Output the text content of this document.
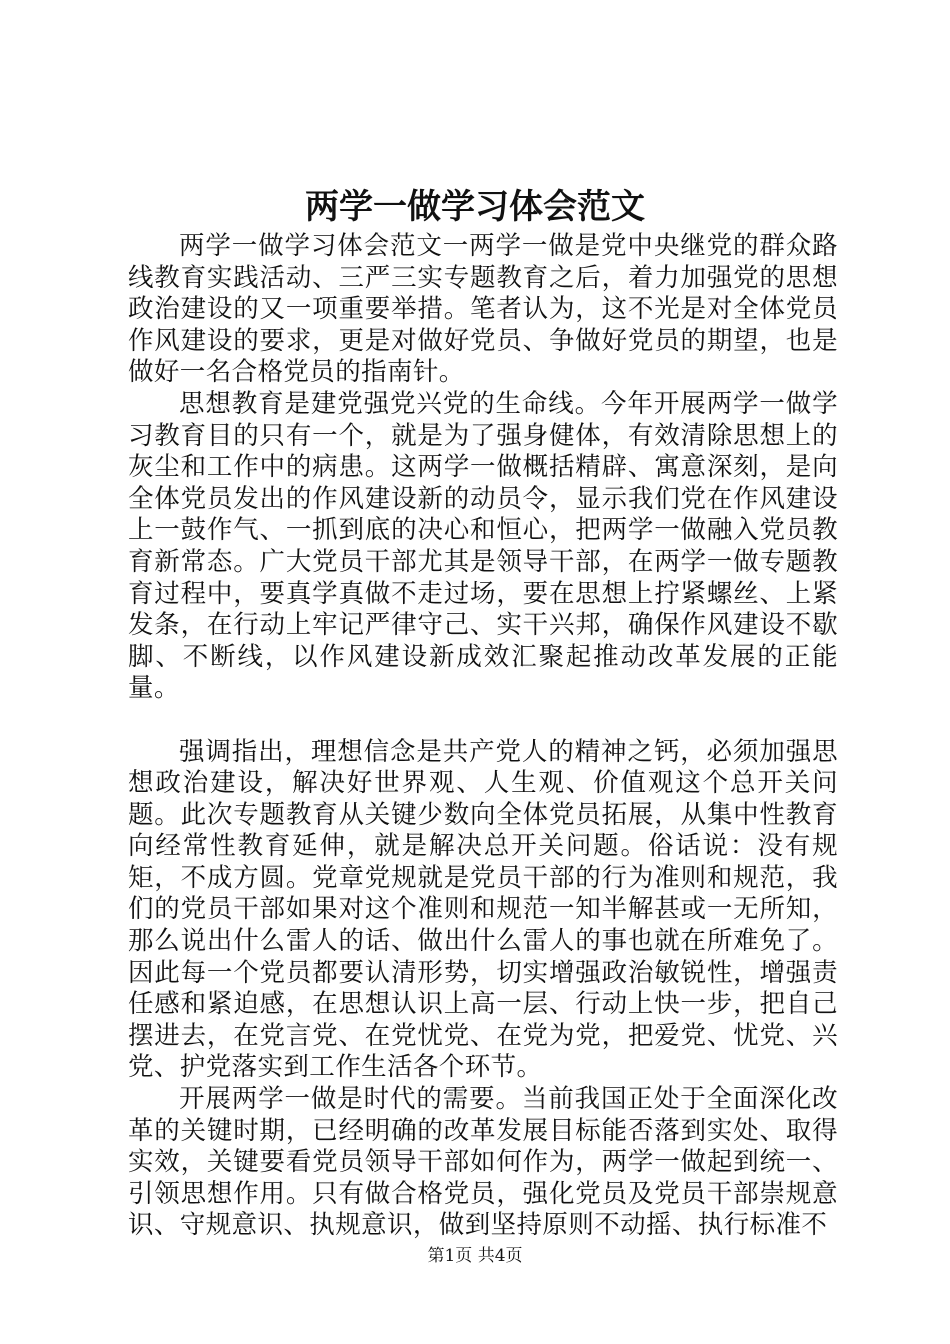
两学一做学习体会范文

两学一做学习体会范文一两学一做是党中央继党的群众路线教育实践活动、三严三实专题教育之后，着力加强党的思想政治建设的又一项重要举措。笔者认为，这不光是对全体党员作风建设的要求，更是对做好党员、争做好党员的期望，也是做好一名合格党员的指南针。

思想教育是建党强党兴党的生命线。今年开展两学一做学习教育目的只有一个，就是为了强身健体，有效清除思想上的灰尘和工作中的病患。这两学一做概括精辟、寓意深刻，是向全体党员发出的作风建设新的动员令，显示我们党在作风建设上一鼓作气、一抓到底的决心和恒心，把两学一做融入党员教育新常态。广大党员干部尤其是领导干部，在两学一做专题教育过程中，要真学真做不走过场，要在思想上拧紧螺丝、上紧发条，在行动上牢记严律守己、实干兴邦，确保作风建设不歇脚、不断线，以作风建设新成效汇聚起推动改革发展的正能量。

强调指出，理想信念是共产党人的精神之钙，必须加强思想政治建设，解决好世界观、人生观、价值观这个总开关问题。此次专题教育从关键少数向全体党员拓展，从集中性教育向经常性教育延伸，就是解决总开关问题。俗话说：没有规矩，不成方圆。党章党规就是党员干部的行为准则和规范，我们的党员干部如果对这个准则和规范一知半解甚或一无所知，那么说出什么雷人的话、做出什么雷人的事也就在所难免了。因此每一个党员都要认清形势，切实增强政治敏锐性，增强责任感和紧迫感，在思想认识上高一层、行动上快一步，把自己摆进去，在党言党、在党忧党、在党为党，把爱党、忧党、兴党、护党落实到工作生活各个环节。

开展两学一做是时代的需要。当前我国正处于全面深化改革的关键时期，已经明确的改革发展目标能否落到实处、取得实效，关键要看党员领导干部如何作为，两学一做起到统一、引领思想作用。只有做合格党员，强化党员及党员干部崇规意识、守规意识、执规意识，做到坚持原则不动摇、执行标准不

第1页 共4页
